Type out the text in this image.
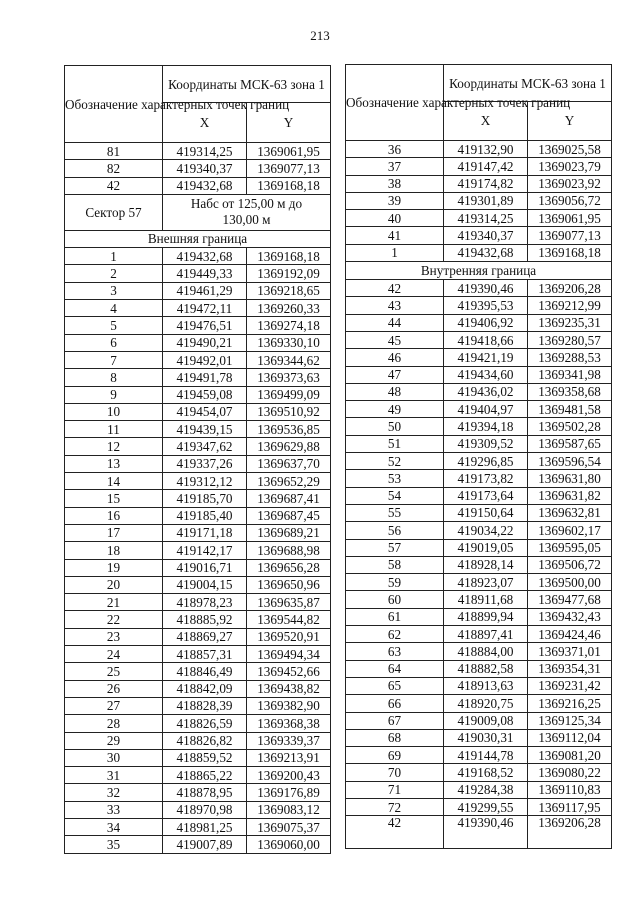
213
Обозначение характерных точек границ	Координаты МСК-63 зона 1	

	X	Y
81	419314,25	1369061,95
82	419340,37	1369077,13
42	419432,68	1369168,18
Сектор 57	Набс от 125,00 м до 130,00 м	
Внешняя граница		
1	419432,68	1369168,18
2	419449,33	1369192,09
3	419461,29	1369218,65
4	419472,11	1369260,33
5	419476,51	1369274,18
6	419490,21	1369330,10
7	419492,01	1369344,62
8	419491,78	1369373,63
9	419459,08	1369499,09
10	419454,07	1369510,92
11	419439,15	1369536,85
12	419347,62	1369629,88
13	419337,26	1369637,70
14	419312,12	1369652,29
15	419185,70	1369687,41
16	419185,40	1369687,45
17	419171,18	1369689,21
18	419142,17	1369688,98
19	419016,71	1369656,28
20	419004,15	1369650,96
21	418978,23	1369635,87
22	418885,92	1369544,82
23	418869,27	1369520,91
24	418857,31	1369494,34
25	418846,49	1369452,66
26	418842,09	1369438,82
27	418828,39	1369382,90
28	418826,59	1369368,38
29	418826,82	1369339,37
30	418859,52	1369213,91
31	418865,22	1369200,43
32	418878,95	1369176,89
33	418970,98	1369083,12
34	418981,25	1369075,37
35	419007,89	1369060,00
Обозначение характерных точек границ	Координаты МСК-63 зона 1	

	X	Y
36	419132,90	1369025,58
37	419147,42	1369023,79
38	419174,82	1369023,92
39	419301,89	1369056,72
40	419314,25	1369061,95
41	419340,37	1369077,13
1	419432,68	1369168,18
Внутренняя граница		
42	419390,46	1369206,28
43	419395,53	1369212,99
44	419406,92	1369235,31
45	419418,66	1369280,57
46	419421,19	1369288,53
47	419434,60	1369341,98
48	419436,02	1369358,68
49	419404,97	1369481,58
50	419394,18	1369502,28
51	419309,52	1369587,65
52	419296,85	1369596,54
53	419173,82	1369631,80
54	419173,64	1369631,82
55	419150,64	1369632,81
56	419034,22	1369602,17
57	419019,05	1369595,05
58	418928,14	1369506,72
59	418923,07	1369500,00
60	418911,68	1369477,68
61	418899,94	1369432,43
62	418897,41	1369424,46
63	418884,00	1369371,01
64	418882,58	1369354,31
65	418913,63	1369231,42
66	418920,75	1369216,25
67	419009,08	1369125,34
68	419030,31	1369112,04
69	419144,78	1369081,20
70	419168,52	1369080,22
71	419284,38	1369110,83
72	419299,55	1369117,95
42	419390,46	1369206,28
